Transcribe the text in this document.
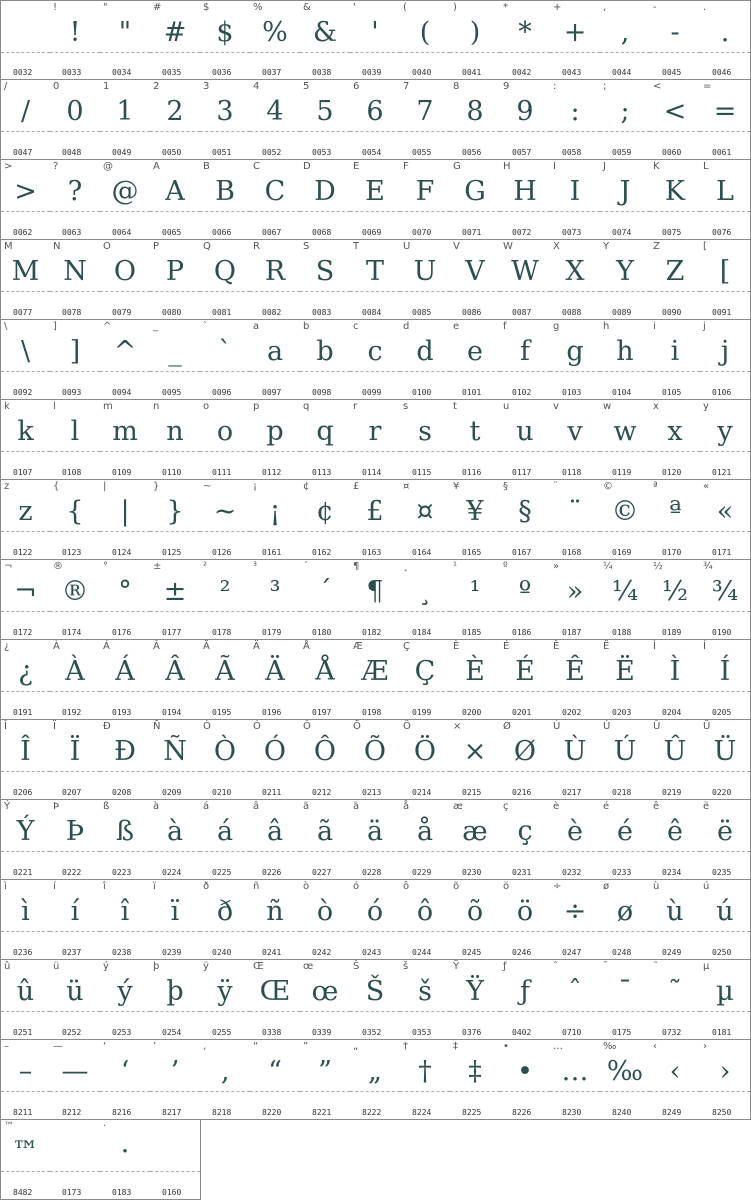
0032
!
!
0033
"
"
0034
#
#
0035
$
$
0036
%
%
0037
&
&
0038
'
'
0039
(
(
0040
)
)
0041
*
*
0042
+
+
0043
,
,
0044
-
-
0045
.
.
0046
/
/
0047
0
0
0048
1
1
0049
2
2
0050
3
3
0051
4
4
0052
5
5
0053
6
6
0054
7
7
0055
8
8
0056
9
9
0057
:
:
0058
;
;
0059
<
<
0060
=
=
0061
>
>
0062
?
?
0063
@
@
0064
A
A
0065
B
B
0066
C
C
0067
D
D
0068
E
E
0069
F
F
0070
G
G
0071
H
H
0072
I
I
0073
J
J
0074
K
K
0075
L
L
0076
M
M
0077
N
N
0078
O
O
0079
P
P
0080
Q
Q
0081
R
R
0082
S
S
0083
T
T
0084
U
U
0085
V
V
0086
W
W
0087
X
X
0088
Y
Y
0089
Z
Z
0090
[
[
0091
\
\
0092
]
]
0093
^
^
0094
_
_
0095
`
`
0096
a
a
0097
b
b
0098
c
c
0099
d
d
0100
e
e
0101
f
f
0102
g
g
0103
h
h
0104
i
i
0105
j
j
0106
k
k
0107
l
l
0108
m
m
0109
n
n
0110
o
o
0111
p
p
0112
q
q
0113
r
r
0114
s
s
0115
t
t
0116
u
u
0117
v
v
0118
w
w
0119
x
x
0120
y
y
0121
z
z
0122
{
{
0123
|
|
0124
}
}
0125
~
~
0126
¡
¡
0161
¢
¢
0162
£
£
0163
¤
¤
0164
¥
¥
0165
§
§
0167
¨
¨
0168
©
©
0169
ª
ª
0170
«
«
0171
¬
¬
0172
®
®
0174
°
°
0176
±
±
0177
²
²
0178
³
³
0179
´
´
0180
¶
¶
0182
¸
¸
0184
¹
¹
0185
º
º
0186
»
»
0187
¼
¼
0188
½
½
0189
¾
¾
0190
¿
¿
0191
À
À
0192
Á
Á
0193
Â
Â
0194
Ã
Ã
0195
Ä
Ä
0196
Å
Å
0197
Æ
Æ
0198
Ç
Ç
0199
È
È
0200
É
É
0201
Ê
Ê
0202
Ë
Ë
0203
Ì
Ì
0204
Í
Í
0205
Î
Î
0206
Ï
Ï
0207
Ð
Ð
0208
Ñ
Ñ
0209
Ò
Ò
0210
Ó
Ó
0211
Ô
Ô
0212
Õ
Õ
0213
Ö
Ö
0214
×
×
0215
Ø
Ø
0216
Ù
Ù
0217
Ú
Ú
0218
Û
Û
0219
Ü
Ü
0220
Ý
Ý
0221
Þ
Þ
0222
ß
ß
0223
à
à
0224
á
á
0225
â
â
0226
ã
ã
0227
ä
ä
0228
å
å
0229
æ
æ
0230
ç
ç
0231
è
è
0232
é
é
0233
ê
ê
0234
ë
ë
0235
ì
ì
0236
í
í
0237
î
î
0238
ï
ï
0239
ð
ð
0240
ñ
ñ
0241
ò
ò
0242
ó
ó
0243
ô
ô
0244
õ
õ
0245
ö
ö
0246
÷
÷
0247
ø
ø
0248
ù
ù
0249
ú
ú
0250
û
û
0251
ü
ü
0252
ý
ý
0253
þ
þ
0254
ÿ
ÿ
0255
Œ
Œ
0338
œ
œ
0339
Š
Š
0352
š
š
0353
Ÿ
Ÿ
0376
ƒ
ƒ
0402
ˆ
ˆ
0710
¯
¯
0175
˜
˜
0732
µ
µ
0181
–
–
8211
—
—
8212
‘
‘
8216
’
’
8217
‚
‚
8218
“
“
8220
”
”
8221
„
„
8222
†
†
8224
‡
‡
8225
•
•
8226
…
…
8230
‰
‰
8240
‹
‹
8249
›
›
8250
™
™
8482	0173
·
·
0183	0160
